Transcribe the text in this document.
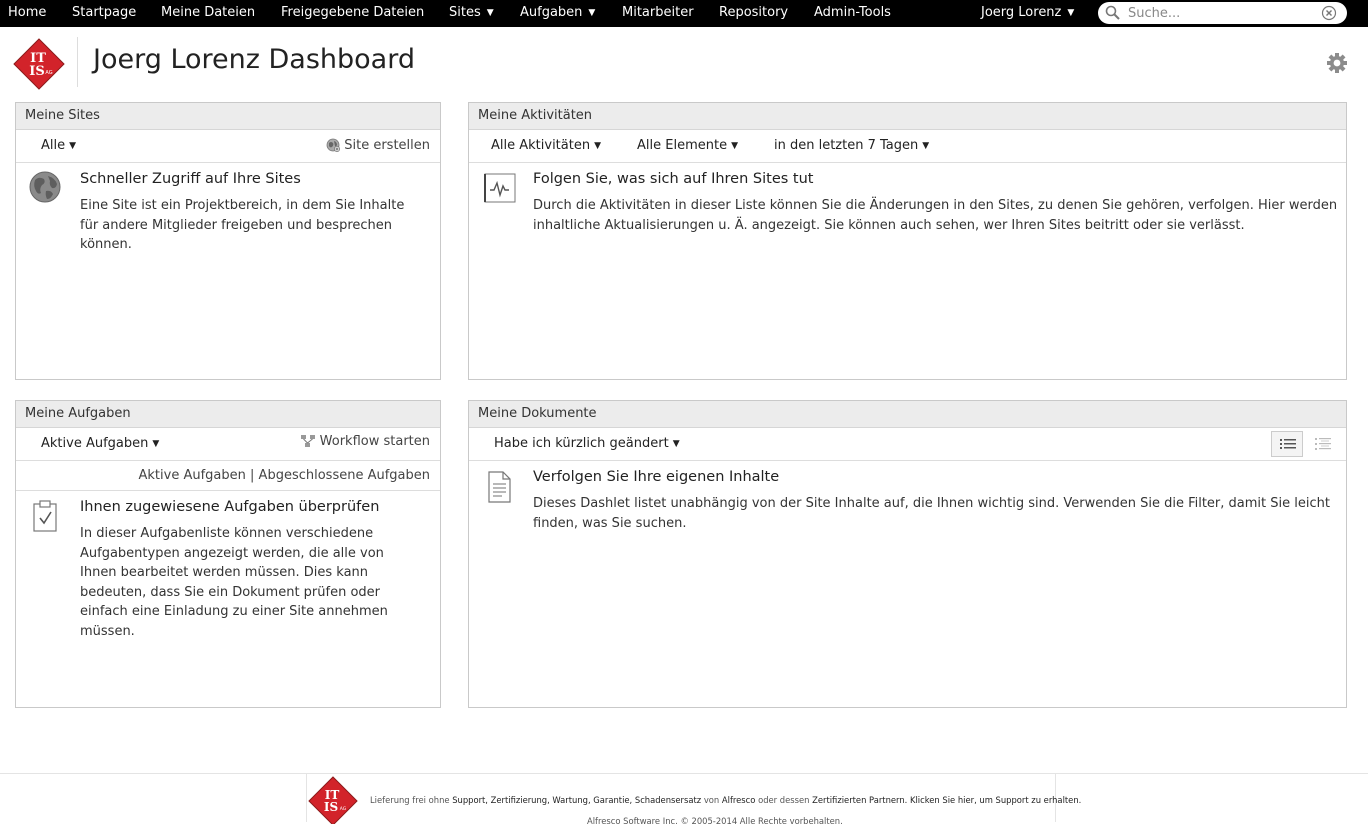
Home Startpage Meine Dateien Freigegebene Dateien Sites ▼ Aufgaben ▼ Mitarbeiter Repository Admin-Tools	Joerg Lorenz ▼
Suche...
IT
IS AG Joerg Lorenz Dashboard
Meine Sites
Alle ▼	Site erstellen
Schneller Zugriff auf Ihre Sites
Eine Site ist ein Projektbereich, in dem Sie Inhalte für andere Mitglieder freigeben und besprechen können.
Meine Aktivitäten
Alle Aktivitäten ▼	Alle Elemente ▼	in den letzten 7 Tagen ▼
Folgen Sie, was sich auf Ihren Sites tut
Durch die Aktivitäten in dieser Liste können Sie die Änderungen in den Sites, zu denen Sie gehören, verfolgen. Hier werden inhaltliche Aktualisierungen u. Ä. angezeigt. Sie können auch sehen, wer Ihren Sites beitritt oder sie verlässt.
Meine Aufgaben
Aktive Aufgaben ▼	Workflow starten
Aktive Aufgaben | Abgeschlossene Aufgaben
Ihnen zugewiesene Aufgaben überprüfen
In dieser Aufgabenliste können verschiedene Aufgabentypen angezeigt werden, die alle von Ihnen bearbeitet werden müssen. Dies kann bedeuten, dass Sie ein Dokument prüfen oder einfach eine Einladung zu einer Site annehmen müssen.
Meine Dokumente
Habe ich kürzlich geändert ▼
Verfolgen Sie Ihre eigenen Inhalte
Dieses Dashlet listet unabhängig von der Site Inhalte auf, die Ihnen wichtig sind. Verwenden Sie die Filter, damit Sie leicht finden, was Sie suchen.
IT
IS AG
Lieferung frei ohne Support, Zertifizierung, Wartung, Garantie, Schadensersatz von Alfresco oder dessen Zertifizierten Partnern. Klicken Sie hier, um Support zu erhalten.
Alfresco Software Inc. © 2005-2014 Alle Rechte vorbehalten.
